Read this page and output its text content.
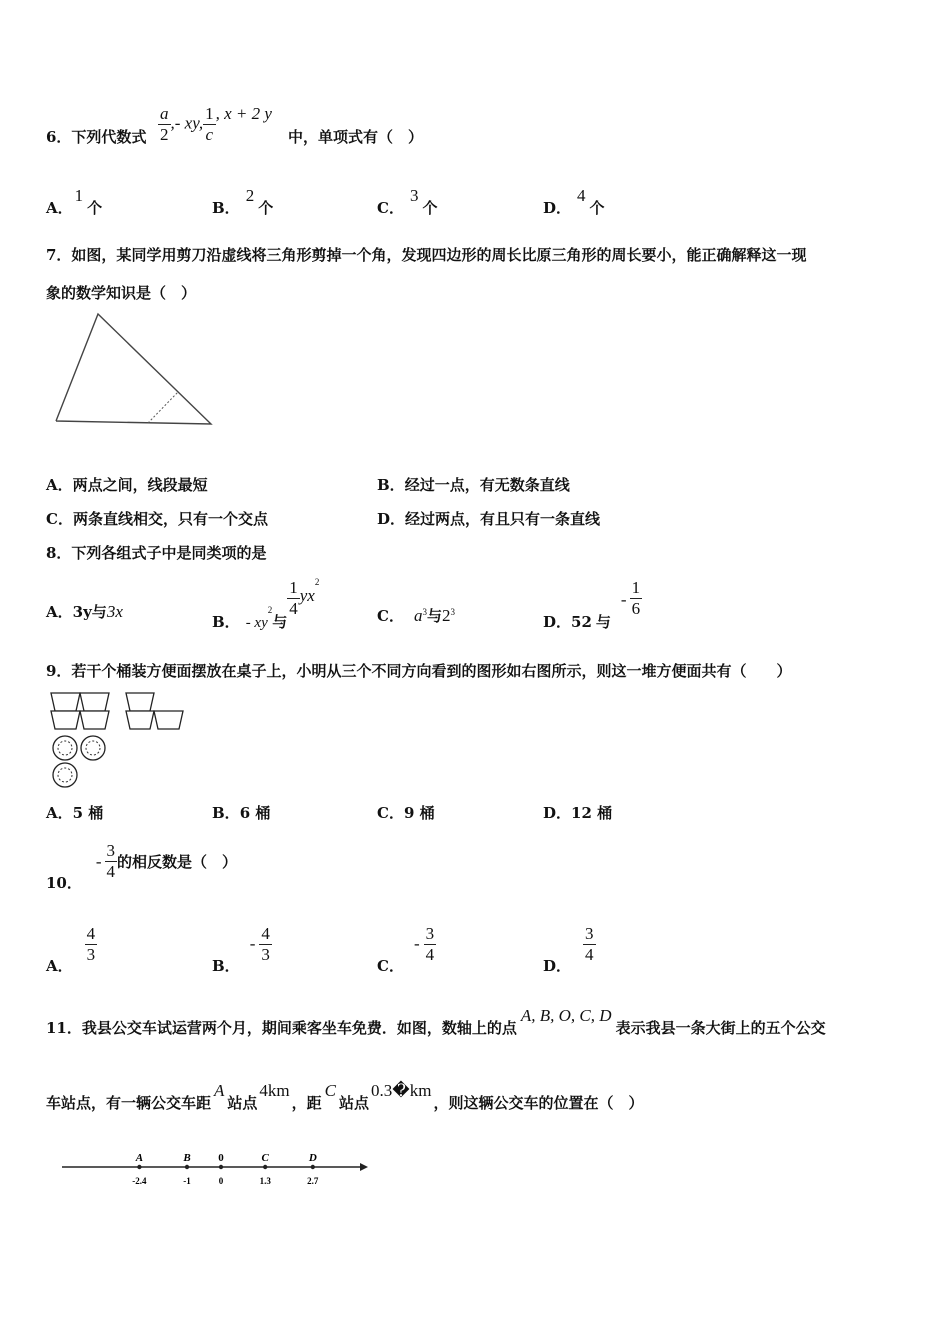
6．下列代数式 $\frac{a}{2}$ ,- xy, $\frac{1}{c}$ , x + 2 y
中，单项式有（　）
A．1个	B．2个	C．3个	D．4个
7．如图，某同学用剪刀沿虚线将三角形剪掉一个角，发现四边形的周长比原三角形的周长要小，能正确解释这一现
象的数学知识是（　）
A．两点之间，线段最短	B．经过一点，有无数条直线
C．两条直线相交，只有一个交点	D．经过两点，有且只有一条直线
8．下列各组式子中是同类项的是
A．3y与3x
B． - $xy^2$与
$\frac{1}{4} yx^2$
C． $a^3$与$2^3$
D．52 与- $\frac{1}{6}$
9．若干个桶装方便面摆放在桌子上，小明从三个不同方向看到的图形如右图所示，则这一堆方便面共有（　　）
A．5 桶	B．6 桶	C．9 桶	D．12 桶
10．- $\frac{3}{4}$ 的相反数是（　）
A．
$\frac{4}{3}$
B．- $\frac{4}{3}$
C．- $\frac{3}{4}$
D．
$\frac{3}{4}$
11．我县公交车试运营两个月，期间乘客坐车免费．如图，数轴上的点A, B, O, C, D表示我县一条大街上的五个公交
车站点，有一辆公交车距A站点4km，距C站点0.3�km，则这辆公交车的位置在（　）
A
-2.4
B
-1
0
0
C
1.3
D
2.7
